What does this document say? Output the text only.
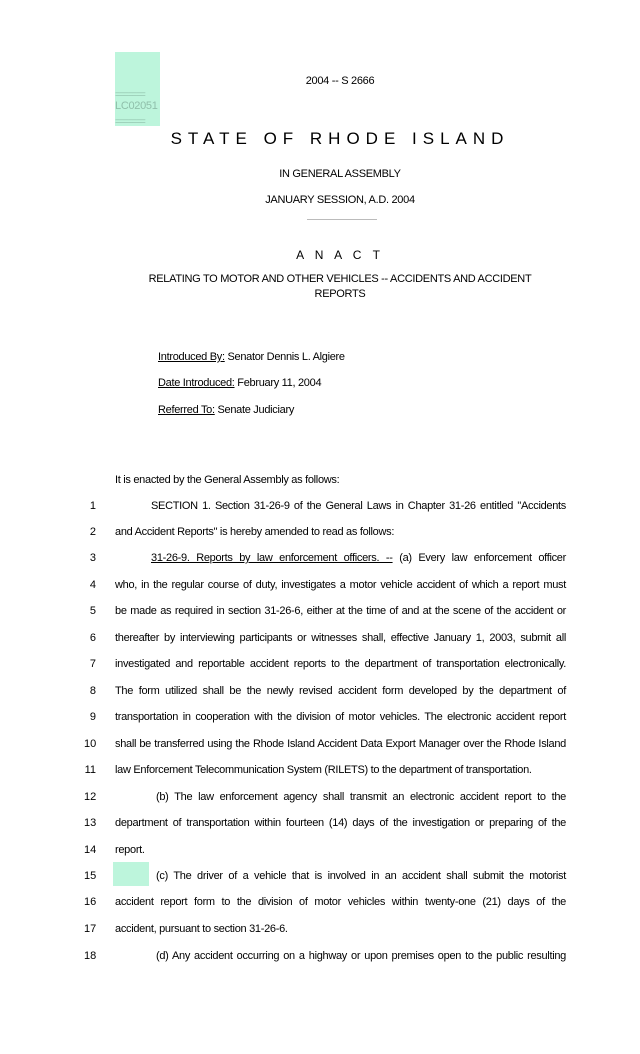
=======
LC02051
=======
2004 -- S 2666
STATE OF RHODE ISLAND
IN GENERAL ASSEMBLY
JANUARY SESSION, A.D. 2004
A N A C T
RELATING TO MOTOR AND OTHER VEHICLES -- ACCIDENTS AND ACCIDENT
REPORTS
Introduced By: Senator Dennis L. Algiere
Date Introduced: February 11, 2004
Referred To: Senate Judiciary
It is enacted by the General Assembly as follows:
1	SECTION 1. Section 31-26-9 of the General Laws in Chapter 31-26 entitled "Accidents
2 and Accident Reports" is hereby amended to read as follows:
3	31-26-9. Reports by law enforcement officers. -- (a) Every law enforcement officer
4 who, in the regular course of duty, investigates a motor vehicle accident of which a report must
5 be made as required in section 31-26-6, either at the time of and at the scene of the accident or
6 thereafter by interviewing participants or witnesses shall, effective January 1, 2003, submit all
7 investigated and reportable accident reports to the department of transportation electronically.
8 The form utilized shall be the newly revised accident form developed by the department of
9 transportation in cooperation with the division of motor vehicles. The electronic accident report
10 shall be transferred using the Rhode Island Accident Data Export Manager over the Rhode Island
11 law Enforcement Telecommunication System (RILETS) to the department of transportation.
12	(b) The law enforcement agency shall transmit an electronic accident report to the
13 department of transportation within fourteen (14) days of the investigation or preparing of the
14 report.
15	(c) The driver of a vehicle that is involved in an accident shall submit the motorist
16 accident report form to the division of motor vehicles within twenty-one (21) days of the
17 accident, pursuant to section 31-26-6.
18	(d) Any accident occurring on a highway or upon premises open to the public resulting
